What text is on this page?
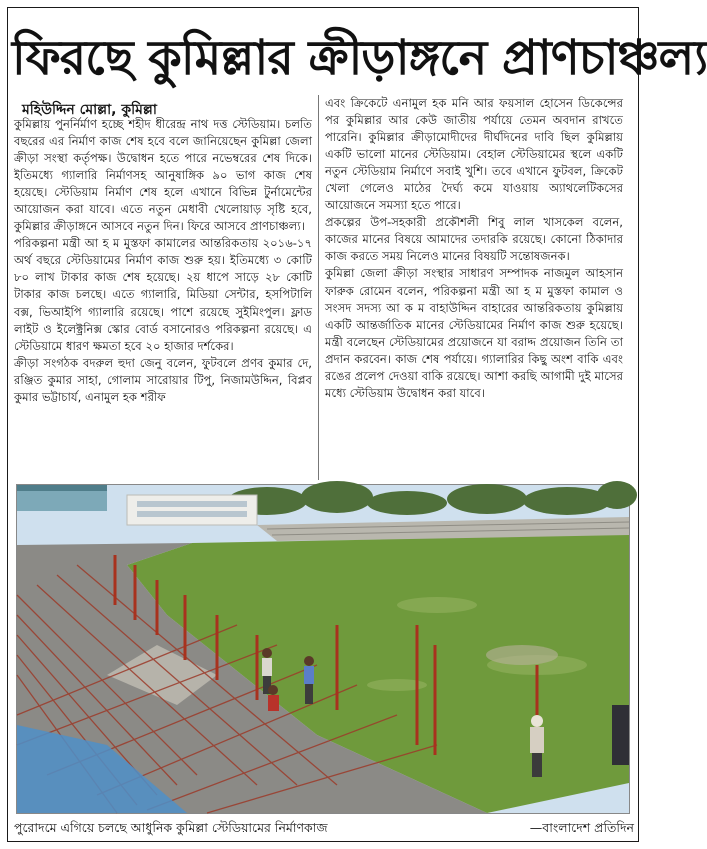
ফিরছে কুমিল্লার ক্রীড়াঙ্গনে প্রাণচাঞ্চল্য

মহিউদ্দিন মোল্লা, কুমিল্লা

কুমিল্লায় পুনর্নির্মাণ হচ্ছে শহীদ ধীরেন্দ্র নাথ দত্ত স্টেডিয়াম। চলতি বছরের এর নির্মাণ কাজ শেষ হবে বলে জানিয়েছেন কুমিল্লা জেলা ক্রীড়া সংস্থা কর্তৃপক্ষ। উদ্বোধন হতে পারে নভেম্বরের শেষ দিকে। ইতিমধ্যে গ্যালারি নির্মাণসহ আনুষাঙ্গিক ৯০ ভাগ কাজ শেষ হয়েছে। স্টেডিয়াম নির্মাণ শেষ হলে এখানে বিভিন্ন টুর্নামেন্টের আয়োজন করা যাবে। এতে নতুন মেধাবী খেলোয়াড় সৃষ্টি হবে, কুমিল্লার ক্রীড়াঙ্গনে আসবে নতুন দিন। ফিরে আসবে প্রাণচাঞ্চল্য।

পরিকল্পনা মন্ত্রী আ হ ম মুস্তফা কামালের আন্তরিকতায় ২০১৬-১৭ অর্থ বছরে স্টেডিয়ামের নির্মাণ কাজ শুরু হয়। ইতিমধ্যে ৩ কোটি ৮০ লাখ টাকার কাজ শেষ হয়েছে। ২য় ধাপে সাড়ে ২৮ কোটি টাকার কাজ চলছে। এতে গ্যালারি, মিডিয়া সেন্টার, হসপিটালি বক্স, ভিআইপি গ্যালারি রয়েছে। পাশে রয়েছে সুইমিংপুল। ফ্লাড লাইট ও ইলেক্ট্রনিক্স স্কোর বোর্ড বসানোরও পরিকল্পনা রয়েছে। এ স্টেডিয়ামে ধারণ ক্ষমতা হবে ২০ হাজার দর্শকের।

ক্রীড়া সংগঠক বদরুল হুদা জেনু বলেন, ফুটবলে প্রণব কুমার দে, রঞ্জিত কুমার সাহা, গোলাম সারোয়ার টিপু, নিজামউদ্দিন, বিপ্লব কুমার ভট্টাচার্য, এনামুল হক শরীফ

এবং ক্রিকেটে এনামুল হক মনি আর ফয়সাল হোসেন ডিকেন্সের পর কুমিল্লার আর কেউ জাতীয় পর্যায়ে তেমন অবদান রাখতে পারেনি। কুমিল্লার ক্রীড়ামোদীদের দীর্ঘদিনের দাবি ছিল কুমিল্লায় একটি ভালো মানের স্টেডিয়াম। বেহাল স্টেডিয়ামের স্থলে একটি নতুন স্টেডিয়াম নির্মাণে সবাই খুশি। তবে এখানে ফুটবল, ক্রিকেট খেলা গেলেও মাঠের দৈর্ঘ্য কমে যাওয়ায় অ্যাথলেটিকসের আয়োজনে সমস্যা হতে পারে।

প্রকল্পের উপ-সহকারী প্রকৌশলী শিবু লাল খাসকেল বলেন, কাজের মানের বিষয়ে আমাদের তদারকি রয়েছে। কোনো ঠিকাদার কাজ করতে সময় নিলেও মানের বিষয়টি সন্তোষজনক।

কুমিল্লা জেলা ক্রীড়া সংস্থার সাধারণ সম্পাদক নাজমুল আহসান ফারুক রোমেন বলেন, পরিকল্পনা মন্ত্রী আ হ ম মুস্তফা কামাল ও সংসদ সদস্য আ ক ম বাহাউদ্দিন বাহারের আন্তরিকতায় কুমিল্লায় একটি আন্তর্জাতিক মানের স্টেডিয়ামের নির্মাণ কাজ শুরু হয়েছে। মন্ত্রী বলেছেন স্টেডিয়ামের প্রয়োজনে যা বরাদ্দ প্রয়োজন তিনি তা প্রদান করবেন। কাজ শেষ পর্যায়ে। গ্যালারির কিছু অংশ বাকি এবং রঙের প্রলেপ দেওয়া বাকি রয়েছে। আশা করছি আগামী দুই মাসের মধ্যে স্টেডিয়াম উদ্বোধন করা যাবে।

পুরোদমে এগিয়ে চলছে আধুনিক কুমিল্লা স্টেডিয়ামের নির্মাণকাজ	—বাংলাদেশ প্রতিদিন
